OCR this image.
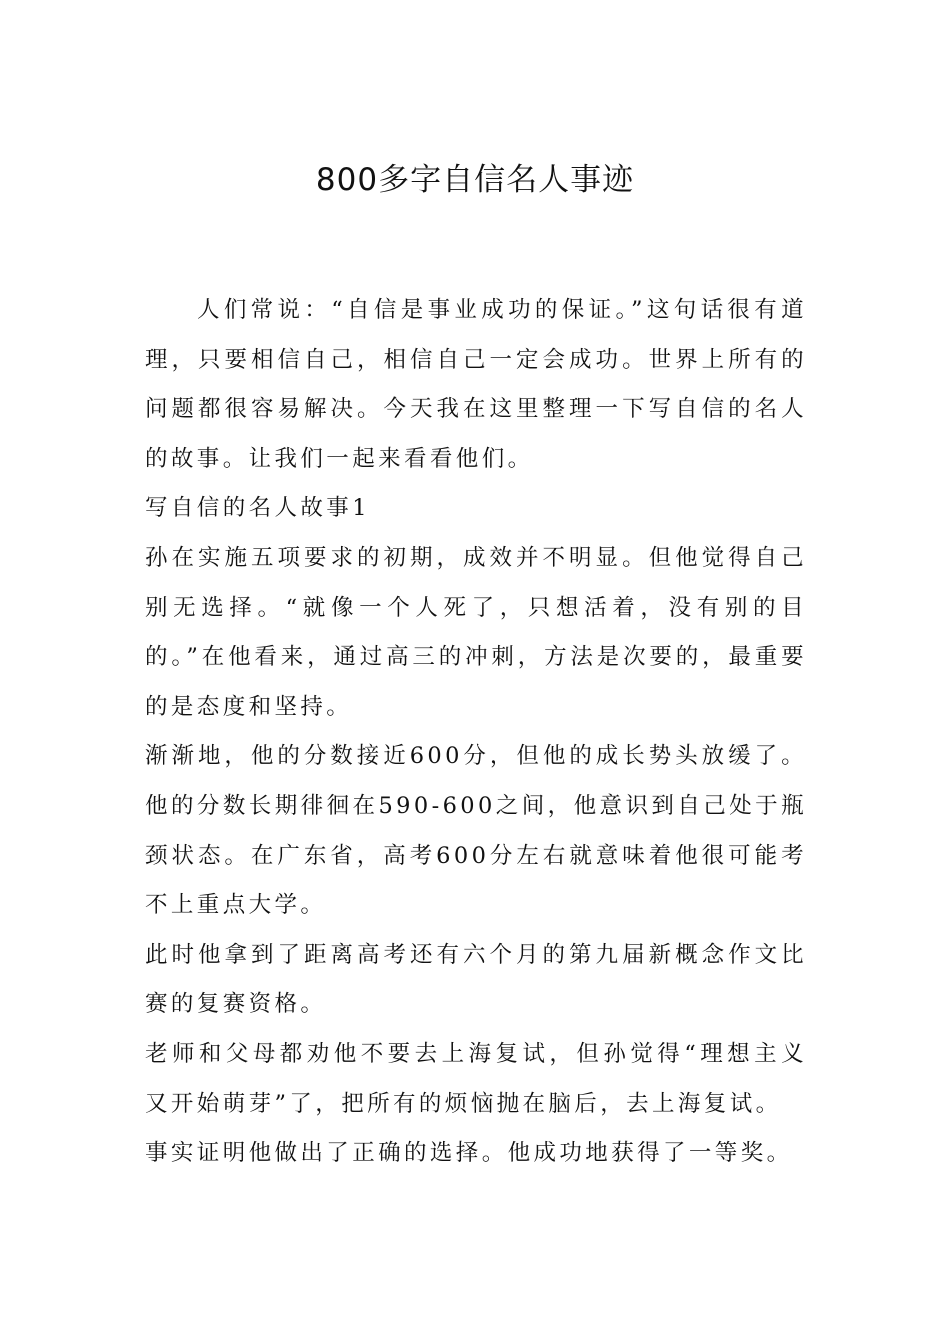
800多字自信名人事迹

人们常说：“自信是事业成功的保证。”这句话很有道理，只要相信自己，相信自己一定会成功。世界上所有的问题都很容易解决。今天我在这里整理一下写自信的名人的故事。让我们一起来看看他们。

写自信的名人故事1

孙在实施五项要求的初期，成效并不明显。但他觉得自己别无选择。“就像一个人死了，只想活着，没有别的目的。”在他看来，通过高三的冲刺，方法是次要的，最重要的是态度和坚持。

渐渐地，他的分数接近600分，但他的成长势头放缓了。他的分数长期徘徊在590-600之间，他意识到自己处于瓶颈状态。在广东省，高考600分左右就意味着他很可能考不上重点大学。

此时他拿到了距离高考还有六个月的第九届新概念作文比赛的复赛资格。

老师和父母都劝他不要去上海复试，但孙觉得“理想主义又开始萌芽”了，把所有的烦恼抛在脑后，去上海复试。

事实证明他做出了正确的选择。他成功地获得了一等奖。
